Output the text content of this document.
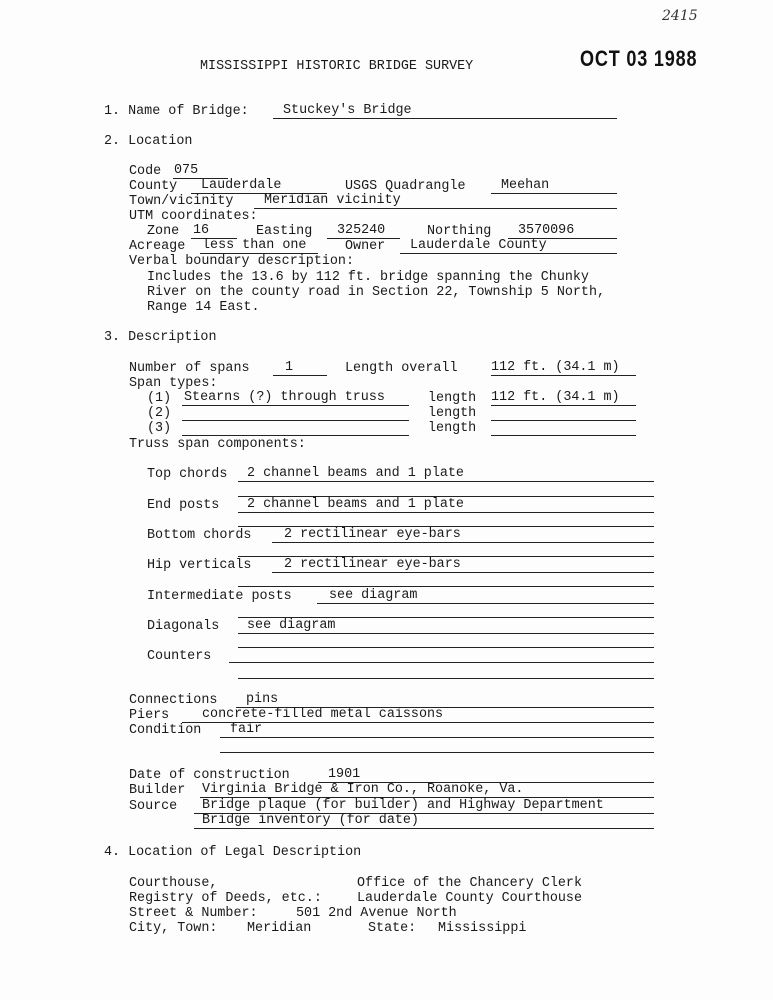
2415
OCT 03 1988
MISSISSIPPI HISTORIC BRIDGE SURVEY
1. Name of Bridge:	Stuckey's Bridge
2. Location
Code 075
County	Lauderdale	USGS Quadrangle	Meehan
Town/vicinity	Meridian vicinity
UTM coordinates:
Zone 16	Easting	325240	Northing	3570096
Acreage less than one	Owner	Lauderdale County
Verbal boundary description:
Includes the 13.6 by 112 ft. bridge spanning the Chunky
River on the county road in Section 22, Township 5 North,
Range 14 East.
3. Description
Number of spans	1	Length overall	112 ft. (34.1 m)
Span types:
(1) Stearns (?) through truss	length 112 ft. (34.1 m)
(2)	length
(3)	length
Truss span components:
Top chords	2 channel beams and 1 plate
End posts	2 channel beams and 1 plate
Bottom chords	2 rectilinear eye-bars
Hip verticals	2 rectilinear eye-bars
Intermediate posts	see diagram
Diagonals	see diagram
Counters
Connections	pins
Piers	concrete-filled metal caissons
Condition	fair
Date of construction	1901
Builder Virginia Bridge & Iron Co., Roanoke, Va.
Source	Bridge plaque (for builder) and Highway Department
Bridge inventory (for date)
4. Location of Legal Description
Courthouse,	Office of the Chancery Clerk
Registry of Deeds, etc.:	Lauderdale County Courthouse
Street & Number:	501 2nd Avenue North
City, Town: Meridian	State: Mississippi
